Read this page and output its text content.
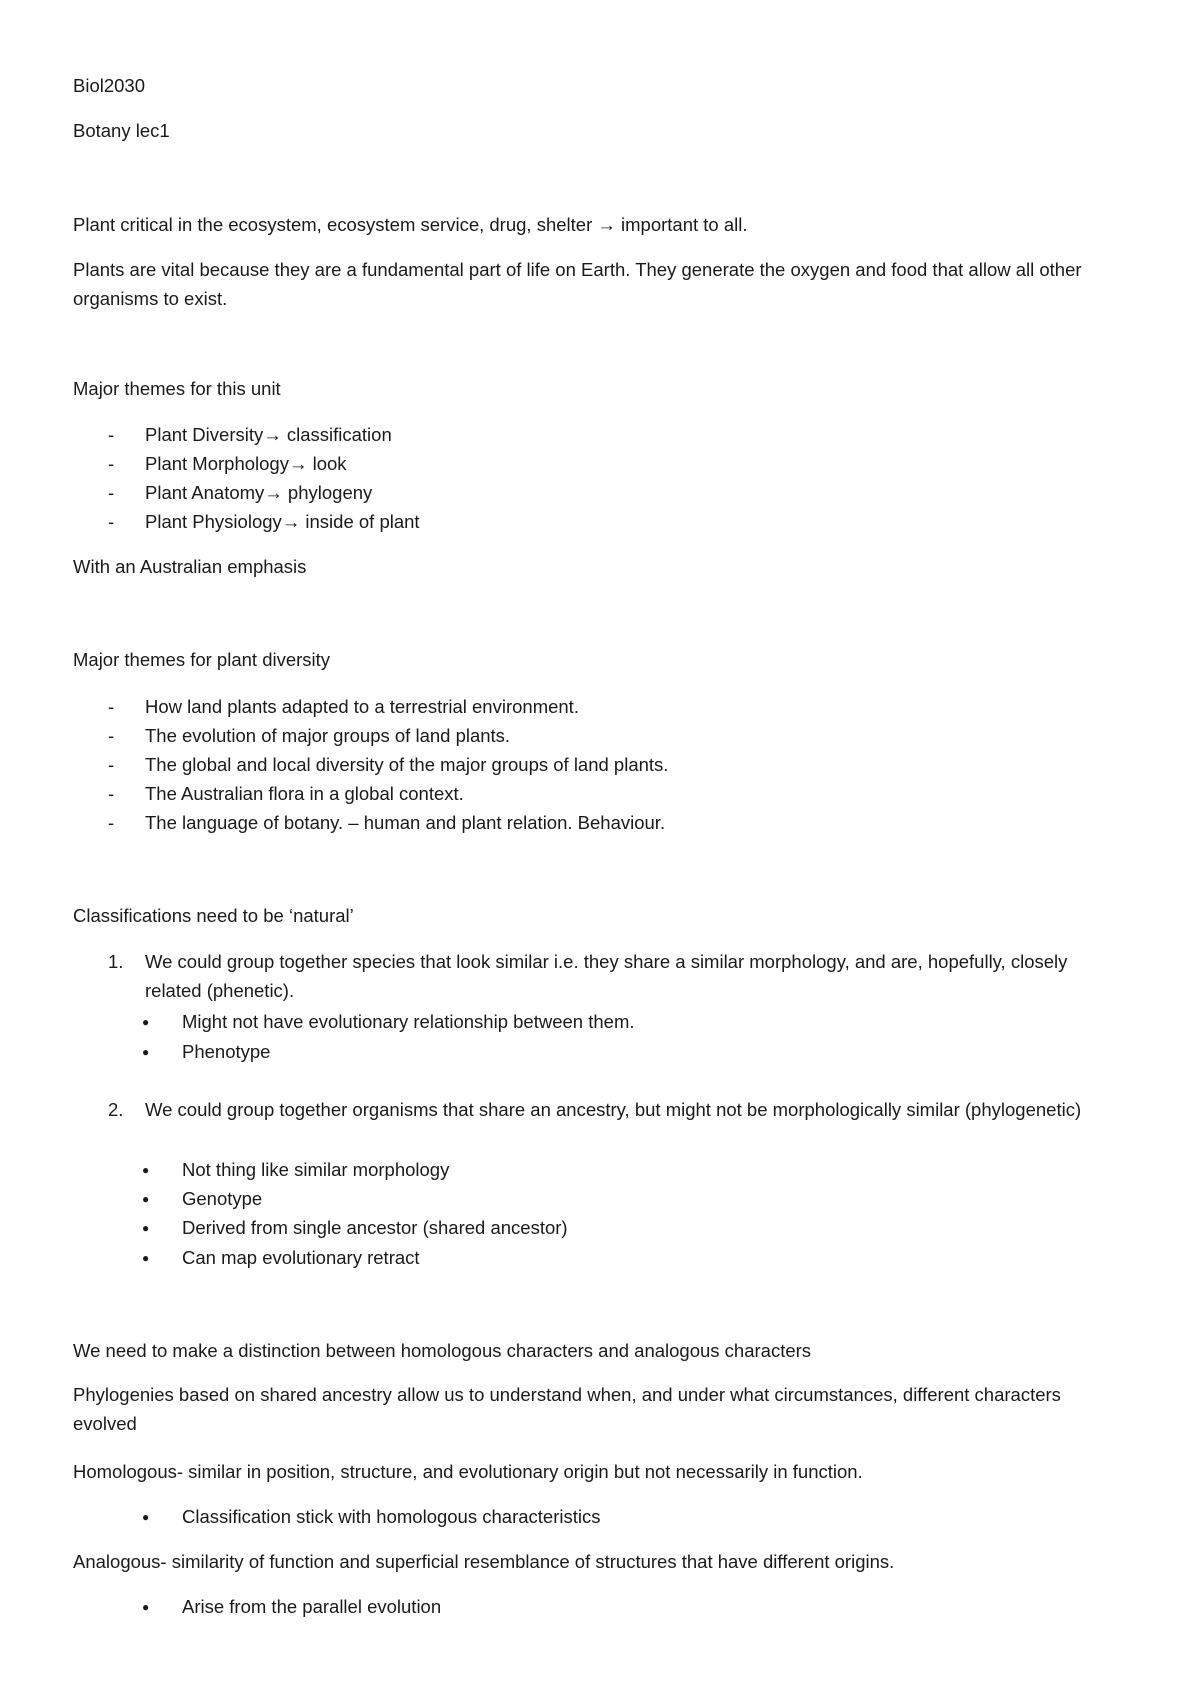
Biol2030
Botany lec1
Plant critical in the ecosystem, ecosystem service, drug, shelter → important to all.
Plants are vital because they are a fundamental part of life on Earth. They generate the oxygen and food that allow all other organisms to exist.
Major themes for this unit
- Plant Diversity→ classification
- Plant Morphology→ look
- Plant Anatomy→ phylogeny
- Plant Physiology→ inside of plant
With an Australian emphasis
Major themes for plant diversity
- How land plants adapted to a terrestrial environment.
- The evolution of major groups of land plants.
- The global and local diversity of the major groups of land plants.
- The Australian flora in a global context.
- The language of botany. – human and plant relation. Behaviour.
Classifications need to be ‘natural’
1. We could group together species that look similar i.e. they share a similar morphology, and are, hopefully, closely related (phenetic).
● Might not have evolutionary relationship between them.
● Phenotype
2. We could group together organisms that share an ancestry, but might not be morphologically similar (phylogenetic)
● Not thing like similar morphology
● Genotype
● Derived from single ancestor (shared ancestor)
● Can map evolutionary retract
We need to make a distinction between homologous characters and analogous characters
Phylogenies based on shared ancestry allow us to understand when, and under what circumstances, different characters evolved
Homologous- similar in position, structure, and evolutionary origin but not necessarily in function.
● Classification stick with homologous characteristics
Analogous- similarity of function and superficial resemblance of structures that have different origins.
● Arise from the parallel evolution
